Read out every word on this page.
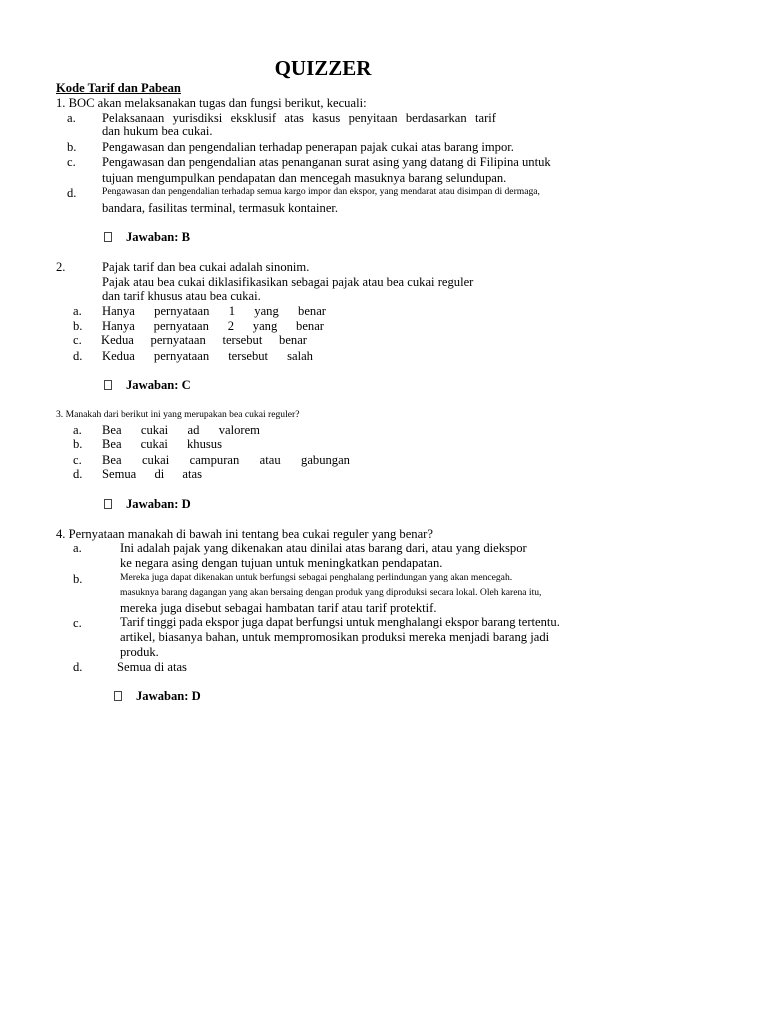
QUIZZER
Kode Tarif dan Pabean
1. BOC akan melaksanakan tugas dan fungsi berikut, kecuali:
a. Pelaksanaan yurisdiksi eksklusif atas kasus penyitaan berdasarkan tarif
dan hukum bea cukai.
b. Pengawasan dan pengendalian terhadap penerapan pajak cukai atas barang impor.
c. Pengawasan dan pengendalian atas penanganan surat asing yang datang di Filipina untuk
tujuan mengumpulkan pendapatan dan mencegah masuknya barang selundupan.
d.	Pengawasan dan pengendalian terhadap semua kargo impor dan ekspor, yang mendarat atau disimpan di dermaga,
bandara, fasilitas terminal, termasuk kontainer.
Jawaban: B
2.	Pajak tarif dan bea cukai adalah sinonim.
Pajak atau bea cukai diklasifikasikan sebagai pajak atau bea cukai reguler
dan tarif khusus atau bea cukai.
a. Hanya pernyataan 1 yang benar
b. Hanya pernyataan 2 yang benar
c. Kedua pernyataan tersebut benar
d. Kedua pernyataan tersebut salah
Jawaban: C
3. Manakah dari berikut ini yang merupakan bea cukai reguler?
a. Bea cukai ad valorem
b. Bea cukai khusus
c. Bea cukai campuran atau gabungan
d. Semua di atas
Jawaban: D
4. Pernyataan manakah di bawah ini tentang bea cukai reguler yang benar?
a.	Ini adalah pajak yang dikenakan atau dinilai atas barang dari, atau yang diekspor
ke negara asing dengan tujuan untuk meningkatkan pendapatan.
b.	Mereka juga dapat dikenakan untuk berfungsi sebagai penghalang perlindungan yang akan mencegah.
masuknya barang dagangan yang akan bersaing dengan produk yang diproduksi secara lokal. Oleh karena itu,
mereka juga disebut sebagai hambatan tarif atau tarif protektif.
c.	Tarif tinggi pada ekspor juga dapat berfungsi untuk menghalangi ekspor barang tertentu.
artikel, biasanya bahan, untuk mempromosikan produksi mereka menjadi barang jadi
produk.
d.	Semua di atas
Jawaban: D
